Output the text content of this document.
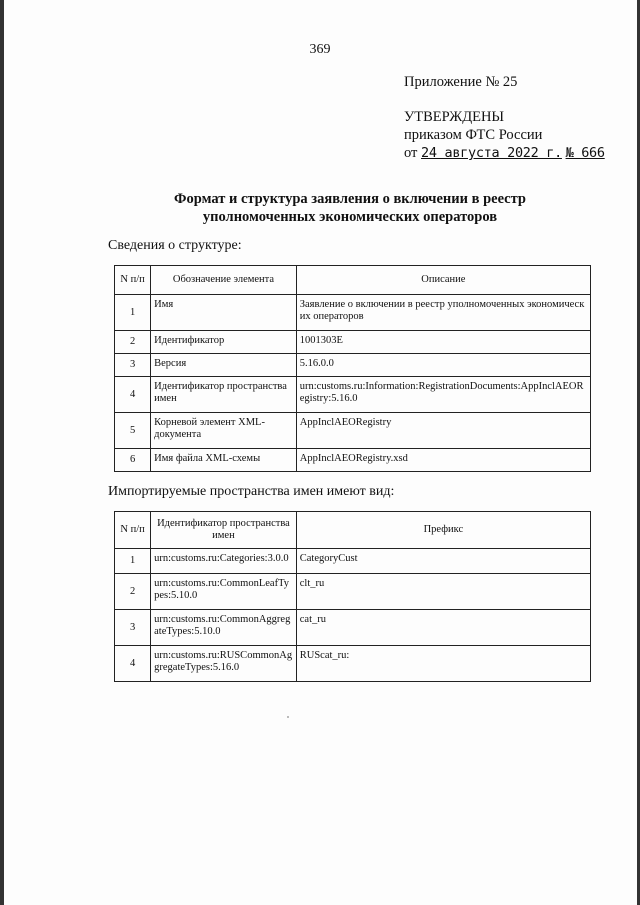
369
Приложение № 25
УТВЕРЖДЕНЫ
приказом ФТС России
от 24 августа 2022 г. № 666
Формат и структура заявления о включении в реестр
уполномоченных экономических операторов
Сведения о структуре:
N п/п	Обозначение элемента	Описание
1	Имя	Заявление о включении в реестр уполномоченных экономических операторов
2	Идентификатор	1001303E
3	Версия	5.16.0.0
4	Идентификатор пространства имен	urn:customs.ru:Information:RegistrationDocuments:AppInclAEORegistry:5.16.0
5	Корневой элемент XML-документа	AppInclAEORegistry
6	Имя файла XML-схемы	AppInclAEORegistry.xsd
Импортируемые пространства имен имеют вид:
N п/п	Идентификатор пространства имен	Префикс
1	urn:customs.ru:Categories:3.0.0	CategoryCust
2	urn:customs.ru:CommonLeafTypes:5.10.0	clt_ru
3	urn:customs.ru:CommonAggregateTypes:5.10.0	cat_ru
4	urn:customs.ru:RUSCommonAggregateTypes:5.16.0	RUScat_ru:
